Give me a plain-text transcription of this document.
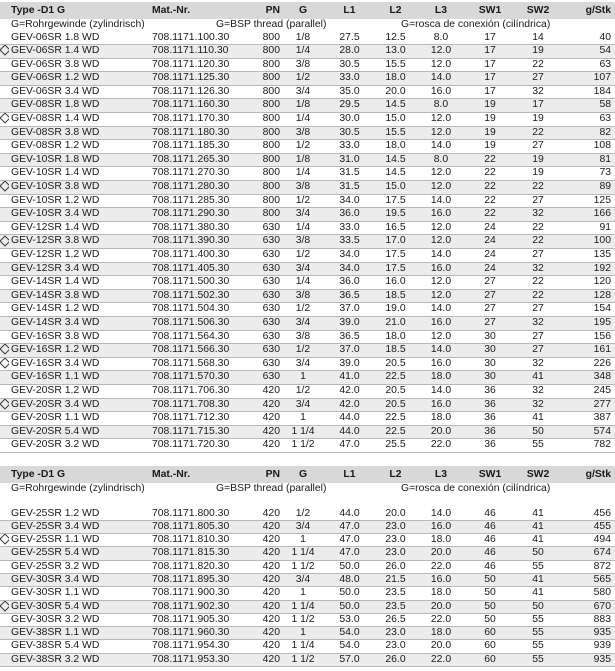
	Type -D1 G	Mat.-Nr.	PN	G	L1	L2	L3	SW1	SW2	g/Stk
	G=Rohrgewinde (zylindrisch)	G=BSP thread (parallel)				G=rosca de conexión (cilíndrica)				
	GEV-06SR 1.8 WD	708.1171.100.30	800	1/8	27.5	12.5	8.0	17	14	40
	GEV-06SR 1.4 WD	708.1171.110.30	800	1/4	28.0	13.0	12.0	17	19	54
	GEV-06SR 3.8 WD	708.1171.120.30	800	3/8	30.5	15.5	12.0	17	22	63
	GEV-06SR 1.2 WD	708.1171.125.30	800	1/2	33.0	18.0	14.0	17	27	107
	GEV-06SR 3.4 WD	708.1171.126.30	800	3/4	35.0	20.0	16.0	17	32	184
	GEV-08SR 1.8 WD	708.1171.160.30	800	1/8	29.5	14.5	8.0	19	17	58
	GEV-08SR 1.4 WD	708.1171.170.30	800	1/4	30.0	15.0	12.0	19	19	63
	GEV-08SR 3.8 WD	708.1171.180.30	800	3/8	30.5	15.5	12.0	19	22	82
	GEV-08SR 1.2 WD	708.1171.185.30	800	1/2	33.0	18.0	14.0	19	27	108
	GEV-10SR 1.8 WD	708.1171.265.30	800	1/8	31.0	14.5	8.0	22	19	81
	GEV-10SR 1.4 WD	708.1171.270.30	800	1/4	31.5	14.5	12.0	22	19	73
	GEV-10SR 3.8 WD	708.1171.280.30	800	3/8	31.5	15.0	12.0	22	22	89
	GEV-10SR 1.2 WD	708.1171.285.30	800	1/2	34.0	17.5	14.0	22	27	125
	GEV-10SR 3.4 WD	708.1171.290.30	800	3/4	36.0	19.5	16.0	22	32	166
	GEV-12SR 1.4 WD	708.1171.380.30	630	1/4	33.0	16.5	12.0	24	22	91
	GEV-12SR 3.8 WD	708.1171.390.30	630	3/8	33.5	17.0	12.0	24	22	100
	GEV-12SR 1.2 WD	708.1171.400.30	630	1/2	34.0	17.5	14.0	24	27	135
	GEV-12SR 3.4 WD	708.1171.405.30	630	3/4	34.0	17.5	16.0	24	32	192
	GEV-14SR 1.4 WD	708.1171.500.30	630	1/4	36.0	16.0	12.0	27	22	120
	GEV-14SR 3.8 WD	708.1171.502.30	630	3/8	36.5	18.5	12.0	27	22	128
	GEV-14SR 1.2 WD	708.1171.504.30	630	1/2	37.0	19.0	14.0	27	27	154
	GEV-14SR 3.4 WD	708.1171.506.30	630	3/4	39.0	21.0	16.0	27	32	195
	GEV-16SR 3.8 WD	708.1171.564.30	630	3/8	36.5	18.0	12.0	30	27	156
	GEV-16SR 1.2 WD	708.1171.566.30	630	1/2	37.0	18.5	14.0	30	27	161
	GEV-16SR 3.4 WD	708.1171.568.30	630	3/4	39.0	20.5	16.0	30	32	226
	GEV-16SR 1.1 WD	708.1171.570.30	630	1	41.0	22.5	18.0	30	41	348
	GEV-20SR 1.2 WD	708.1171.706.30	420	1/2	42.0	20.5	14.0	36	32	245
	GEV-20SR 3.4 WD	708.1171.708.30	420	3/4	42.0	20.5	16.0	36	32	277
	GEV-20SR 1.1 WD	708.1171.712.30	420	1	44.0	22.5	18.0	36	41	387
	GEV-20SR 5.4 WD	708.1171.715.30	420	1 1/4	44.0	22.5	20.0	36	50	574
	GEV-20SR 3.2 WD	708.1171.720.30	420	1 1/2	47.0	25.5	22.0	36	55	782
	Type -D1 G	Mat.-Nr.	PN	G	L1	L2	L3	SW1	SW2	g/Stk
	G=Rohrgewinde (zylindrisch)	G=BSP thread (parallel)				G=rosca de conexión (cilíndrica)				

	GEV-25SR 1.2 WD	708.1171.800.30	420	1/2	44.0	20.0	14.0	46	41	456
	GEV-25SR 3.4 WD	708.1171.805.30	420	3/4	47.0	23.0	16.0	46	41	455
	GEV-25SR 1.1 WD	708.1171.810.30	420	1	47.0	23.0	18.0	46	41	494
	GEV-25SR 5.4 WD	708.1171.815.30	420	1 1/4	47.0	23.0	20.0	46	50	674
	GEV-25SR 3.2 WD	708.1171.820.30	420	1 1/2	50.0	26.0	22.0	46	55	872
	GEV-30SR 3.4 WD	708.1171.895.30	420	3/4	48.0	21.5	16.0	50	41	565
	GEV-30SR 1.1 WD	708.1171.900.30	420	1	50.0	23.5	18.0	50	41	580
	GEV-30SR 5.4 WD	708.1171.902.30	420	1 1/4	50.0	23.5	20.0	50	50	670
	GEV-30SR 3.2 WD	708.1171.905.30	420	1 1/2	53.0	26.5	22.0	50	55	883
	GEV-38SR 1.1 WD	708.1171.960.30	420	1	54.0	23.0	18.0	60	55	935
	GEV-38SR 5.4 WD	708.1171.954.30	420	1 1/4	54.0	23.0	20.0	60	55	939
	GEV-38SR 3.2 WD	708.1171.953.30	420	1 1/2	57.0	26.0	22.0	60	55	935
